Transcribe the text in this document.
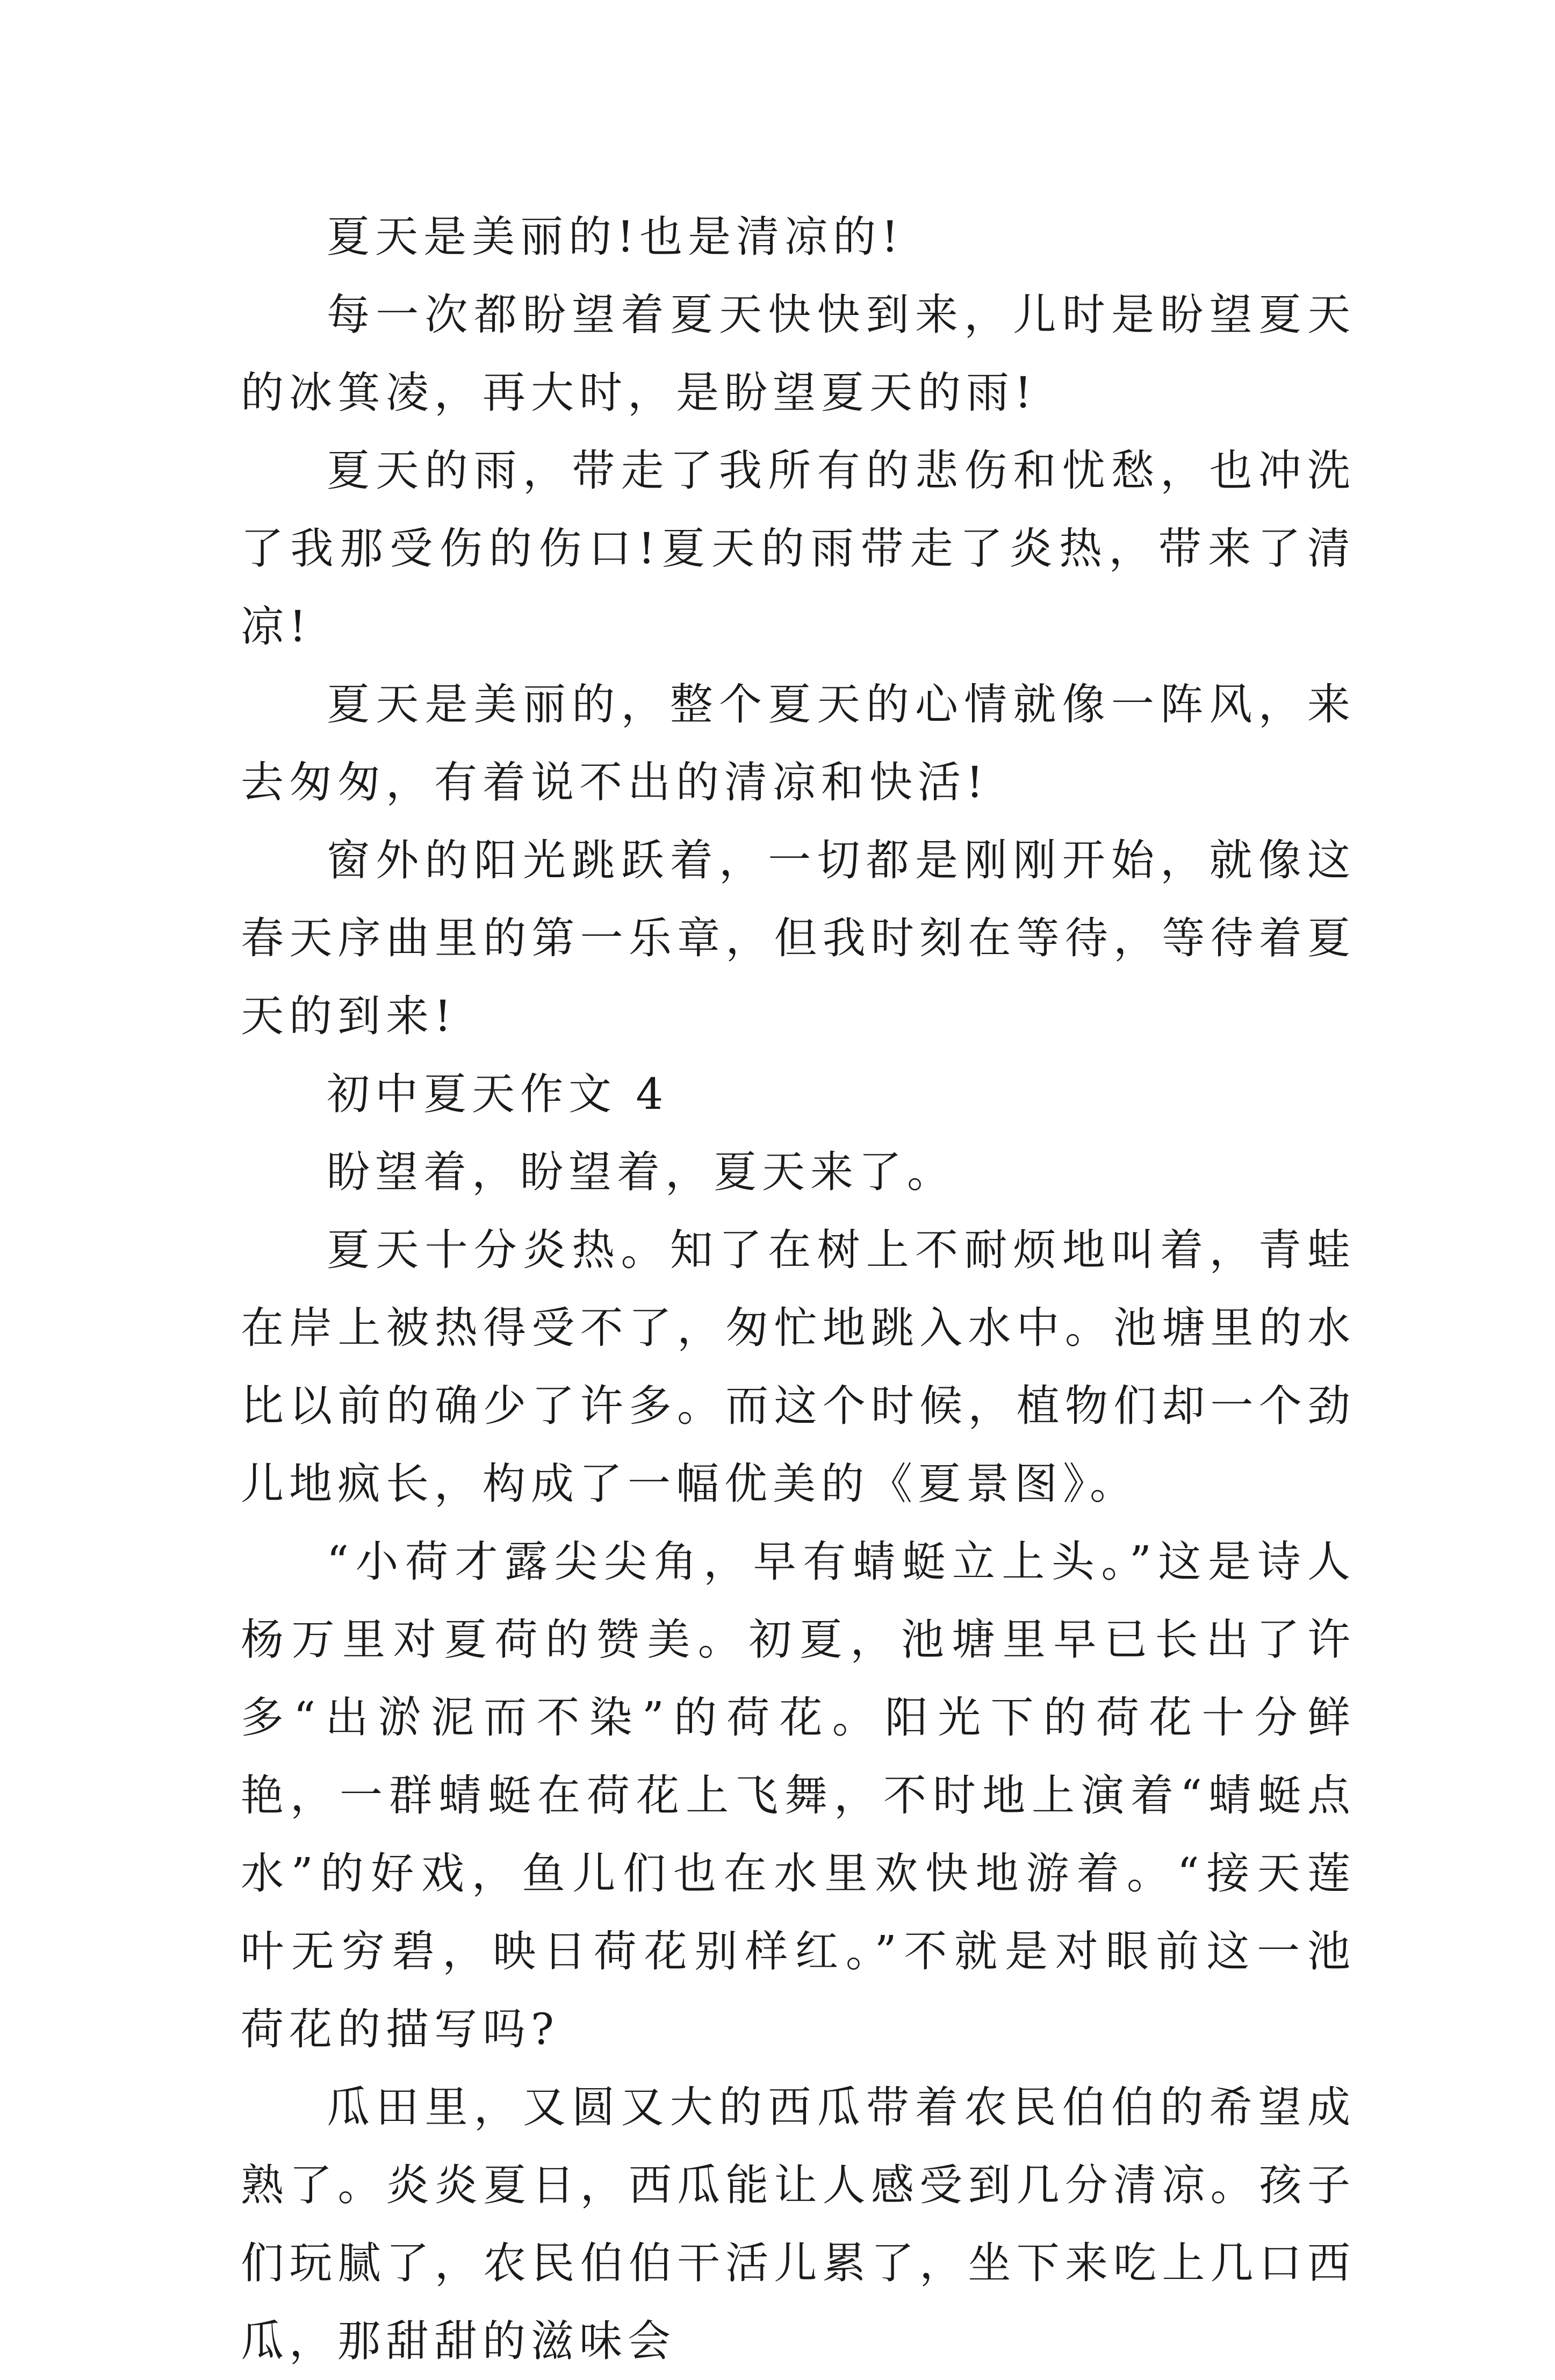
夏天是美丽的!也是清凉的!

每一次都盼望着夏天快快到来，儿时是盼望夏天的冰箕凌，再大时，是盼望夏天的雨!

夏天的雨，带走了我所有的悲伤和忧愁，也冲洗了我那受伤的伤口!夏天的雨带走了炎热，带来了清凉!

夏天是美丽的，整个夏天的心情就像一阵风，来去匆匆，有着说不出的清凉和快活!

窗外的阳光跳跃着，一切都是刚刚开始，就像这春天序曲里的第一乐章，但我时刻在等待，等待着夏天的到来!

初中夏天作文 4

盼望着，盼望着，夏天来了。

夏天十分炎热。知了在树上不耐烦地叫着，青蛙在岸上被热得受不了，匆忙地跳入水中。池塘里的水比以前的确少了许多。而这个时候，植物们却一个劲儿地疯长，构成了一幅优美的《夏景图》。

“小荷才露尖尖角，早有蜻蜓立上头。”这是诗人杨万里对夏荷的赞美。初夏，池塘里早已长出了许多“出淤泥而不染”的荷花。阳光下的荷花十分鲜艳，一群蜻蜓在荷花上飞舞，不时地上演着“蜻蜓点水”的好戏，鱼儿们也在水里欢快地游着。“接天莲叶无穷碧，映日荷花别样红。”不就是对眼前这一池荷花的描写吗?

瓜田里，又圆又大的西瓜带着农民伯伯的希望成熟了。炎炎夏日，西瓜能让人感受到几分清凉。孩子们玩腻了，农民伯伯干活儿累了，坐下来吃上几口西瓜，那甜甜的滋味会
